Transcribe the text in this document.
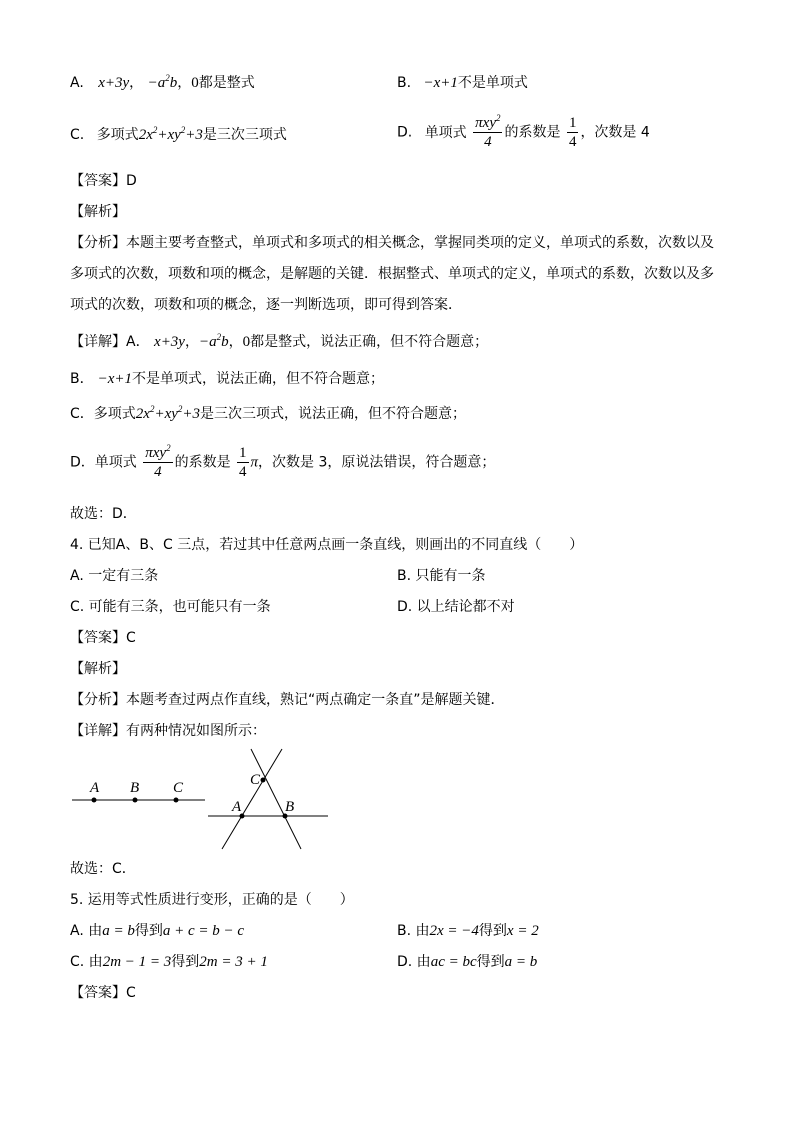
A. x+3y， $-a^2b$，0都是整式	B. −x+1不是单项式
C. 多项式$2x^2+xy^2+3$是三次三项式	D. 单项式 $\frac{\pi xy^2}{4}$ 的系数是 $\frac{1}{4}$ ，次数是 4
【答案】D
【解析】
【分析】本题主要考查整式，单项式和多项式的相关概念，掌握同类项的定义，单项式的系数，次数以及
多项式的次数，项数和项的概念，是解题的关键．根据整式、单项式的定义，单项式的系数，次数以及多
项式的次数，项数和项的概念，逐一判断选项，即可得到答案．
【详解】A． x+3y，$-a^2b$，0都是整式，说法正确，但不符合题意；
B． −x+1不是单项式，说法正确，但不符合题意；
C．多项式$2x^2+xy^2+3$是三次三项式，说法正确，但不符合题意；
D．单项式 $\frac{\pi xy^2}{4}$ 的系数是 $\frac{1}{4}$ π，次数是 3，原说法错误，符合题意；
故选：D．
4. 已知A、B、C 三点，若过其中任意两点画一条直线，则画出的不同直线（　　）
A. 一定有三条	B. 只能有一条
C. 可能有三条，也可能只有一条	D. 以上结论都不对
【答案】C
【解析】
【分析】本题考查过两点作直线，熟记“两点确定一条直”是解题关键．
【详解】有两种情况如图所示：
A B C
A	B
C
故选：C．
5. 运用等式性质进行变形，正确的是（　　）
A. 由a = b得到a + c = b − c	B. 由2x = −4得到x = 2
C. 由2m − 1 = 3得到2m = 3 + 1	D. 由ac = bc得到a = b
【答案】C
